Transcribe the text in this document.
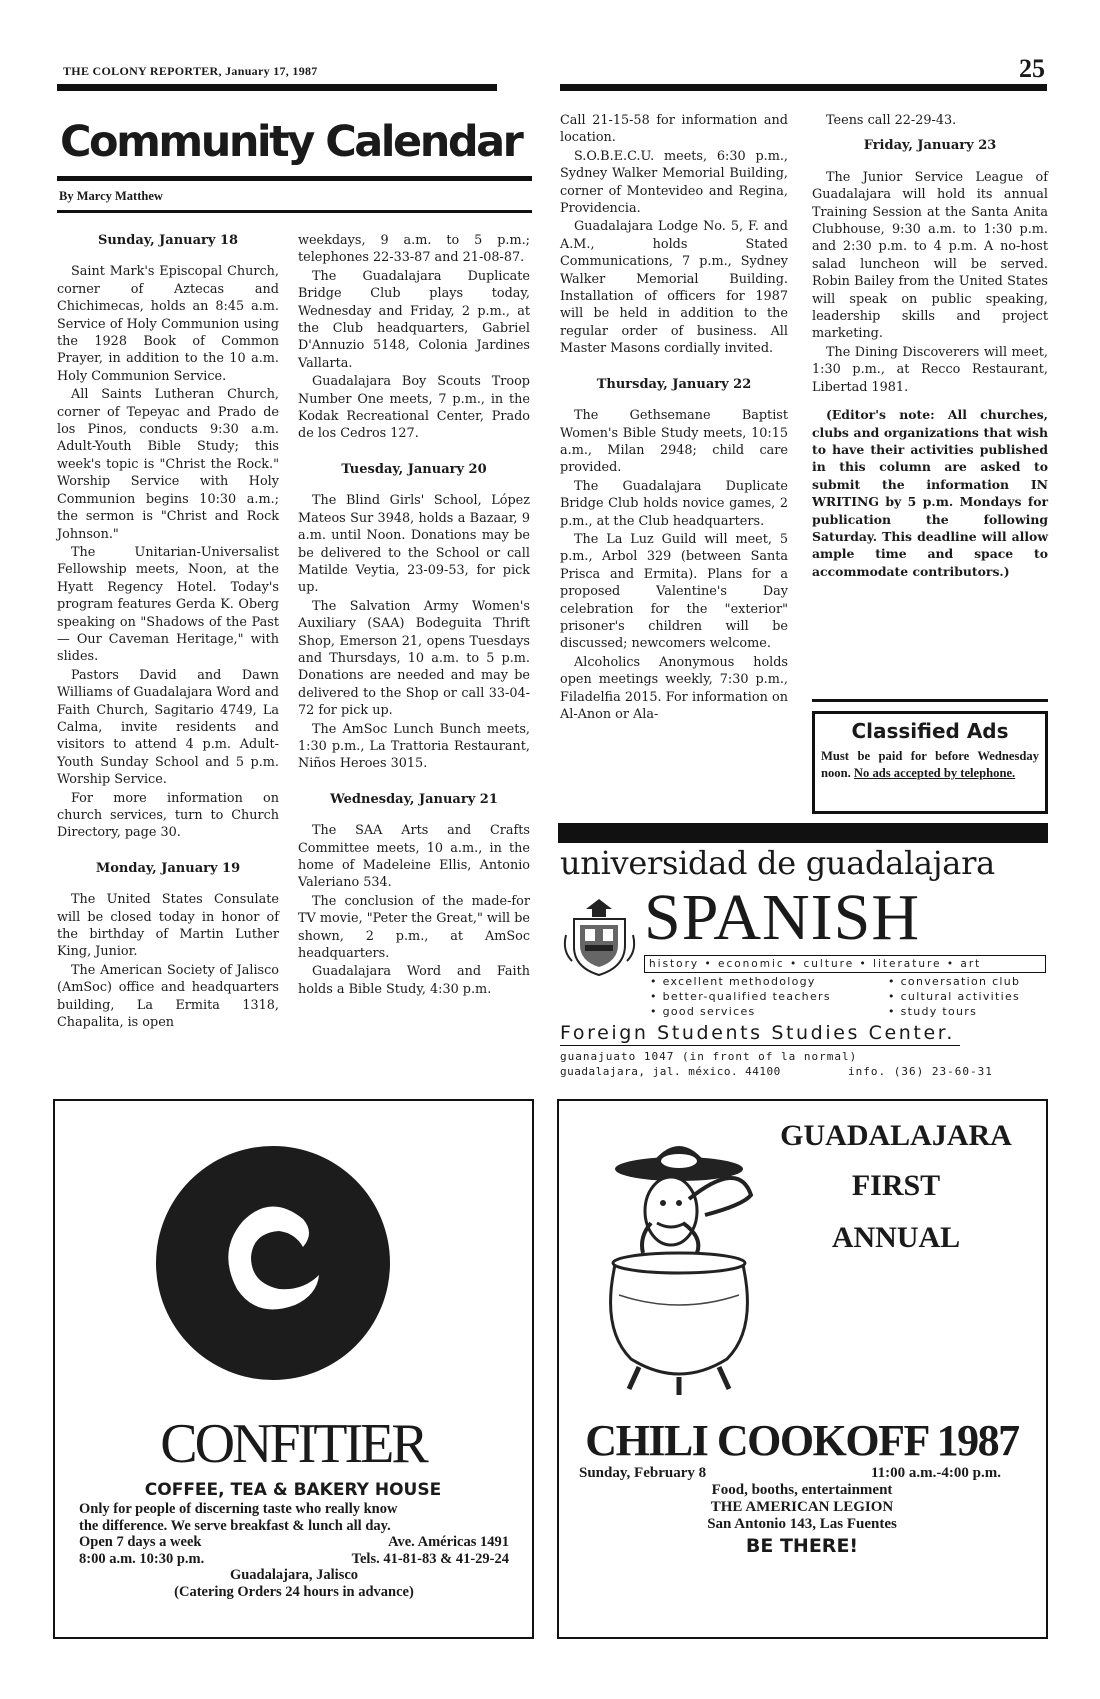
THE COLONY REPORTER, January 17, 1987	25
Community Calendar
By Marcy Matthew
Sunday, January 18

Saint Mark's Episcopal Church, corner of Aztecas and Chichimecas, holds an 8:45 a.m. Service of Holy Communion using the 1928 Book of Common Prayer, in addition to the 10 a.m. Holy Communion Service.

All Saints Lutheran Church, corner of Tepeyac and Prado de los Pinos, conducts 9:30 a.m. Adult-Youth Bible Study; this week's topic is "Christ the Rock." Worship Service with Holy Communion begins 10:30 a.m.; the sermon is "Christ and Rock Johnson."

The Unitarian-Universalist Fellowship meets, Noon, at the Hyatt Regency Hotel. Today's program features Gerda K. Oberg speaking on "Shadows of the Past — Our Caveman Heritage," with slides.

Pastors David and Dawn Williams of Guadalajara Word and Faith Church, Sagitario 4749, La Calma, invite residents and visitors to attend 4 p.m. Adult-Youth Sunday School and 5 p.m. Worship Service.

For more information on church services, turn to Church Directory, page 30.

Monday, January 19

The United States Consulate will be closed today in honor of the birthday of Martin Luther King, Junior.

The American Society of Jalisco (AmSoc) office and headquarters building, La Ermita 1318, Chapalita, is open

weekdays, 9 a.m. to 5 p.m.; telephones 22-33-87 and 21-08-87.

The Guadalajara Duplicate Bridge Club plays today, Wednesday and Friday, 2 p.m., at the Club headquarters, Gabriel D'Annuzio 5148, Colonia Jardines Vallarta.

Guadalajara Boy Scouts Troop Number One meets, 7 p.m., in the Kodak Recreational Center, Prado de los Cedros 127.

Tuesday, January 20

The Blind Girls' School, López Mateos Sur 3948, holds a Bazaar, 9 a.m. until Noon. Donations may be be delivered to the School or call Matilde Veytia, 23-09-53, for pick up.

The Salvation Army Women's Auxiliary (SAA) Bodeguita Thrift Shop, Emerson 21, opens Tuesdays and Thursdays, 10 a.m. to 5 p.m. Donations are needed and may be delivered to the Shop or call 33-04-72 for pick up.

The AmSoc Lunch Bunch meets, 1:30 p.m., La Trattoria Restaurant, Niños Heroes 3015.

Wednesday, January 21

The SAA Arts and Crafts Committee meets, 10 a.m., in the home of Madeleine Ellis, Antonio Valeriano 534.

The conclusion of the made-for TV movie, "Peter the Great," will be shown, 2 p.m., at AmSoc headquarters.

Guadalajara Word and Faith holds a Bible Study, 4:30 p.m.

Call 21-15-58 for information and location.

S.O.B.E.C.U. meets, 6:30 p.m., Sydney Walker Memorial Building, corner of Montevideo and Regina, Providencia.

Guadalajara Lodge No. 5, F. and A.M., holds Stated Communications, 7 p.m., Sydney Walker Memorial Building. Installation of officers for 1987 will be held in addition to the regular order of business. All Master Masons cordially invited.

Thursday, January 22

The Gethsemane Baptist Women's Bible Study meets, 10:15 a.m., Milan 2948; child care provided.

The Guadalajara Duplicate Bridge Club holds novice games, 2 p.m., at the Club headquarters.

The La Luz Guild will meet, 5 p.m., Arbol 329 (between Santa Prisca and Ermita). Plans for a proposed Valentine's Day celebration for the "exterior" prisoner's children will be discussed; newcomers welcome.

Alcoholics Anonymous holds open meetings weekly, 7:30 p.m., Filadelfia 2015. For information on Al-Anon or Ala-

Teens call 22-29-43.

Friday, January 23

The Junior Service League of Guadalajara will hold its annual Training Session at the Santa Anita Clubhouse, 9:30 a.m. to 1:30 p.m. and 2:30 p.m. to 4 p.m. A no-host salad luncheon will be served. Robin Bailey from the United States will speak on public speaking, leadership skills and project marketing.

The Dining Discoverers will meet, 1:30 p.m., at Recco Restaurant, Libertad 1981.

(Editor's note: All churches, clubs and organizations that wish to have their activities published in this column are asked to submit the information IN WRITING by 5 p.m. Mondays for publication the following Saturday. This deadline will allow ample time and space to accommodate contributors.)

Classified Ads
Must be paid for before Wednesday noon. No ads accepted by telephone.
universidad de guadalajara
SPANISH
history • economic • culture • literature • art
• excellent methodology
• better-qualified teachers
• good services
• conversation club
• cultural activities
• study tours
Foreign Students Studies Center.
guanajuato 1047 (in front of la normal)
guadalajara, jal. méxico. 44100	info. (36) 23-60-31
CONFITIER
COFFEE, TEA & BAKERY HOUSE
Only for people of discerning taste who really know
the difference. We serve breakfast & lunch all day.
Open 7 days a week	Ave. Américas 1491
8:00 a.m. 10:30 p.m.	Tels. 41-81-83 & 41-29-24
Guadalajara, Jalisco
(Catering Orders 24 hours in advance)
GUADALAJARA
FIRST
ANNUAL
CHILI COOKOFF 1987
Sunday, February 8	11:00 a.m.-4:00 p.m.
Food, booths, entertainment
THE AMERICAN LEGION
San Antonio 143, Las Fuentes
BE THERE!
